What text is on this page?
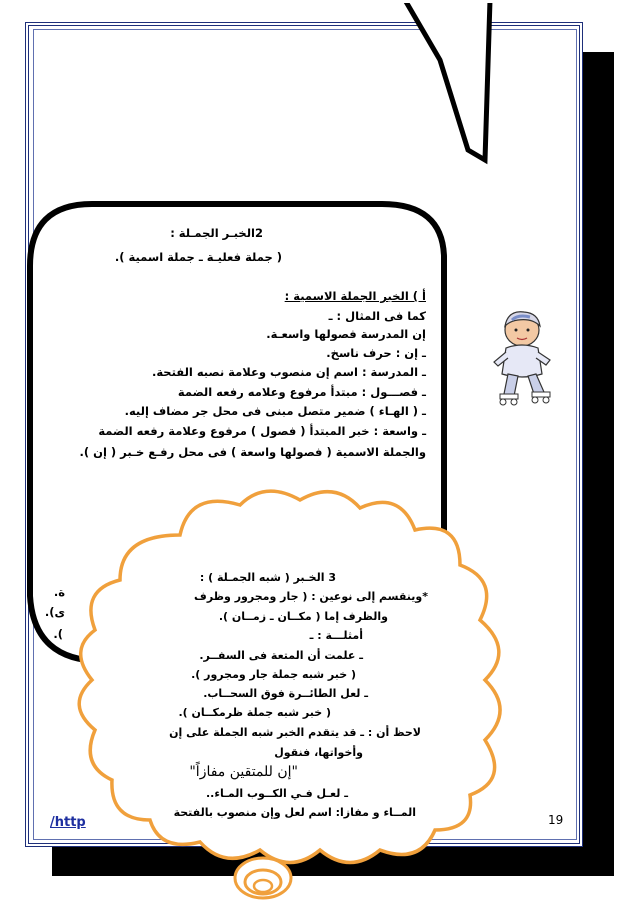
2الخبـر الجمـلة :
( جملة فعليـة ـ جملة اسمية ).
أ ) الخبر الجملة الاسمية :
كما فى المثال : ـ
إن المدرسة فصولها واسعـة.
ـ إن : حرف ناسخ.
ـ المدرسة : اسم إن منصوب وعلامة نصبه الفتحة.
ـ فصـــول : مبتدأ مرفوع وعلامه رفعه الضمة
ـ ( الهـاء ) ضمير متصل مبنى فى محل جر مضاف إليه.
ـ واسعة : خبر المبتدأ ( فصول ) مرفوع وعلامة رفعه الضمة
والجملة الاسمية ( فصولها واسعة ) فى محل رفـع خـبر ( إن ).
ة.
ى).
).
3 الخـبر ( شبه الجمـلة ) :
*وينقسم إلى نوعين : ( جار ومجرور وظرف
والظرف إما ( مكــان ـ زمــان ).
أمثلـــة : ـ
ـ علمت أن المتعة فى السفــر.
( خبر شبه جملة جار ومجرور ).
ـ لعل الطائــرة فوق السحــاب.
( خبر شبه جملة ظرمكــان ).
لاحظ أن : ـ قد يتقدم الخبر شبه الجملة على إن
وأخواتها، فنقول
"إن للمتقين مفازاً"
ـ لعـل فـي الكــوب المـاء..
المــاء و مفازا: اسم لعل وإن منصوب بالفتحة
/http	19
